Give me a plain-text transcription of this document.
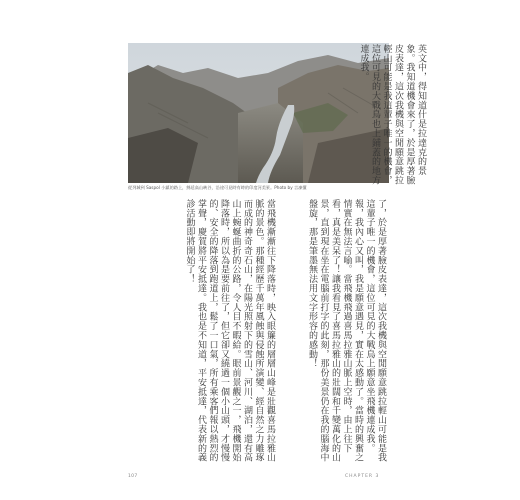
從列城到 Saspol 小鎮的路上，綿延高山峽谷，沿途可見時有時的印度河美景。Photo by 言凍懂
英文中，得知道什是拉達克的景象。我知道機會來了，於是厚著臉皮表達，這次我機與空閒願意跳拉輕山可能是我這輩子唯一的機會，這位可見的大戰鳥也上鋪蓋的地方連成我。
了，於是厚著臉皮表達，這次我機與空閒願意跳拉輕山可能是我這輩子唯一的機會，這位可見的大戰鳥上願意坐飛機連成我。報，我內心又叫，我是願意遇見，實在太感動了。當時的興奮之情實在無法言喻。當飛機飛過喜馬拉雅山脈上空時，由上往下看，真是美呆了！讓我看見了喜馬拉雅山的壯闊和千變萬化的山景，直到現在坐在電腦前打字的此刻，那份美景仍在我的腦海中盤旋，那是筆墨無法用文字形容的感動！
當飛機漸漸往下降落時，映入眼簾的層層山峰是壯觀喜馬拉雅山脈的景色。那種經歷千萬年風蝕與侵蝕所演變、經自然之力雕琢而成的神奇奇石山，在陽光照射下的雪山、河川、湖泊，還有高山上蜿蜒曲折的公路，令人目不暇給。眼前景觀之一，飛機開始降落時，所以為是要前往了，但它卻又繞過一個小山頭，才慢慢的、安全的降落到跑道上，鬆了一口氣，所有乘客們報以熱烈的掌聲，慶賀將平安抵達。我也是不知道，平安抵達，代表新的義診活動即將開始了！
107	CHAPTER 3
